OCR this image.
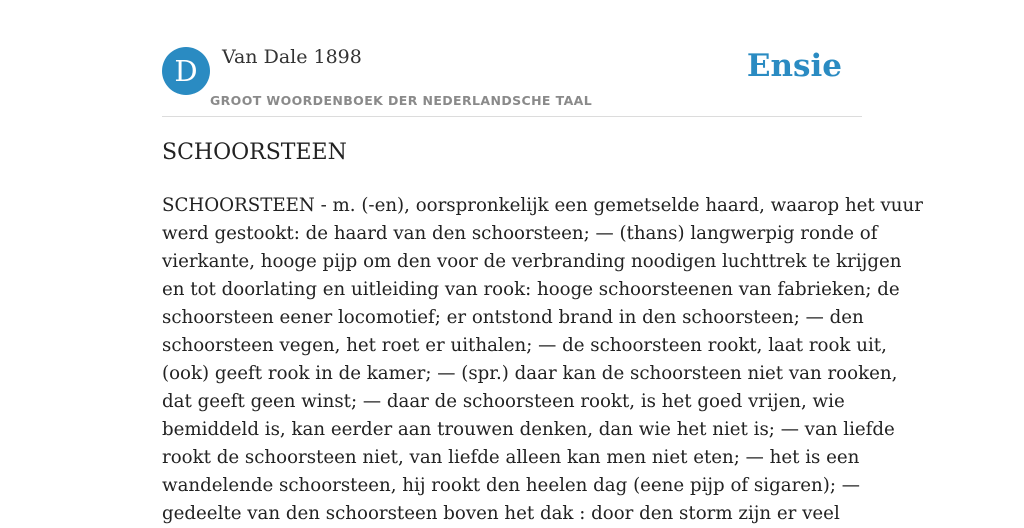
D	Van Dale 1898
GROOT WOORDENBOEK DER NEDERLANDSCHE TAAL
Ensie
SCHOORSTEEN
SCHOORSTEEN - m. (-en), oorspronkelijk een gemetselde haard, waarop het vuur
werd gestookt: de haard van den schoorsteen; — (thans) langwerpig ronde of
vierkante, hooge pijp om den voor de verbranding noodigen luchttrek te krijgen
en tot doorlating en uitleiding van rook: hooge schoorsteenen van fabrieken; de
schoorsteen eener locomotief; er ontstond brand in den schoorsteen; — den
schoorsteen vegen, het roet er uithalen; — de schoorsteen rookt, laat rook uit,
(ook) geeft rook in de kamer; — (spr.) daar kan de schoorsteen niet van rooken,
dat geeft geen winst; — daar de schoorsteen rookt, is het goed vrijen, wie
bemiddeld is, kan eerder aan trouwen denken, dan wie het niet is; — van liefde
rookt de schoorsteen niet, van liefde alleen kan men niet eten; — het is een
wandelende schoorsteen, hij rookt den heelen dag (eene pijp of sigaren); —
gedeelte van den schoorsteen boven het dak : door den storm zijn er veel
